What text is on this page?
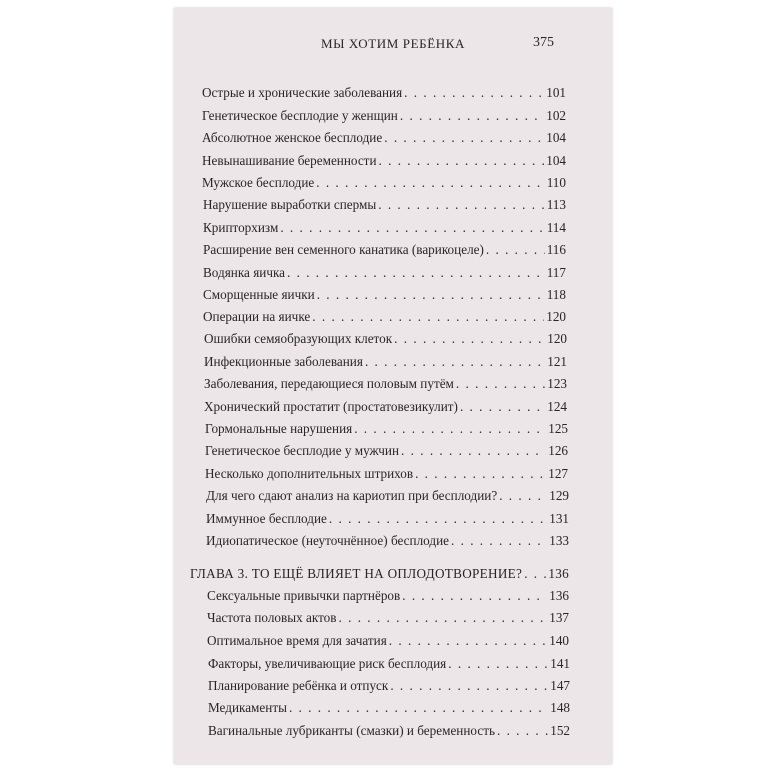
МЫ ХОТИМ РЕБЁНКА	375
Острые и хронические заболевания . . .	101
Генетическое бесплодие у женщин . . .	102
Абсолютное женское бесплодие . . .	104
Невынашивание беременности . . .	104
Мужское бесплодие . . .	110
Нарушение выработки спермы . . .	113
Крипторхизм . . .	114
Расширение вен семенного канатика (варикоцеле) . . .	116
Водянка яичка . . .	117
Сморщенные яички . . .	118
Операции на яичке . . .	120
Ошибки семяобразующих клеток . . .	120
Инфекционные заболевания . . .	121
Заболевания, передающиеся половым путём . . .	123
Хронический простатит (простатовезикулит) . . .	124
Гормональные нарушения . . .	125
Генетическое бесплодие у мужчин . . .	126
Несколько дополнительных штрихов . . .	127
Для чего сдают анализ на кариотип при бесплодии? . . .	129
Иммунное бесплодие . . .	131
Идиопатическое (неуточнённое) бесплодие . . .	133
ГЛАВА 3. ТО ЕЩЁ ВЛИЯЕТ НА ОПЛОДОТВОРЕНИЕ? . . . 136
Сексуальные привычки партнёров . . .	136
Частота половых актов . . .	137
Оптимальное время для зачатия . . .	140
Факторы, увеличивающие риск бесплодия . . .	141
Планирование ребёнка и отпуск . . .	147
Медикаменты . . .	148
Вагинальные лубриканты (смазки) и беременность . . .	152
